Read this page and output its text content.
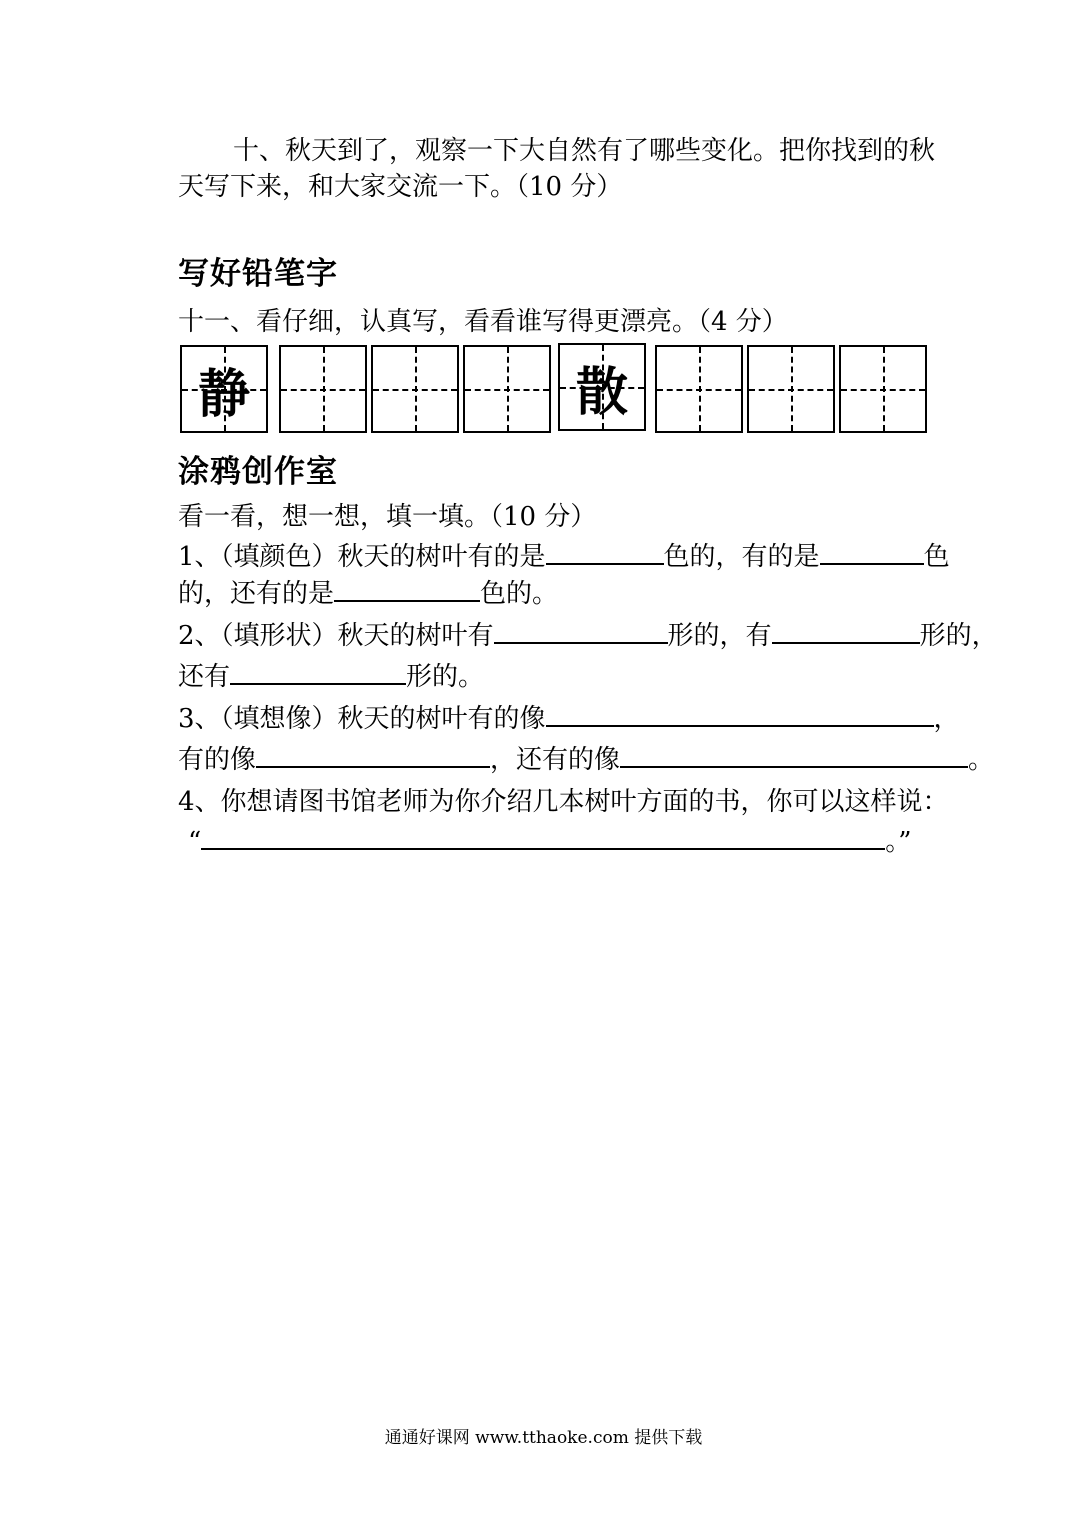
十、秋天到了，观察一下大自然有了哪些变化。把你找到的秋
天写下来，和大家交流一下。（10 分）
写好铅笔字
十一、看仔细，认真写，看看谁写得更漂亮。（4 分）
静	散
涂鸦创作室
看一看，想一想，填一填。（10 分）
1、（填颜色）秋天的树叶有的是	色的，有的是	色
的，还有的是	色的。
2、（填形状）秋天的树叶有	形的，有	形的，
还有	形的。
3、（填想像）秋天的树叶有的像	，
有的像	，还有的像	。
4、你想请图书馆老师为你介绍几本树叶方面的书，你可以这样说：
“	。”
通通好课网 www.tthaoke.com 提供下载
